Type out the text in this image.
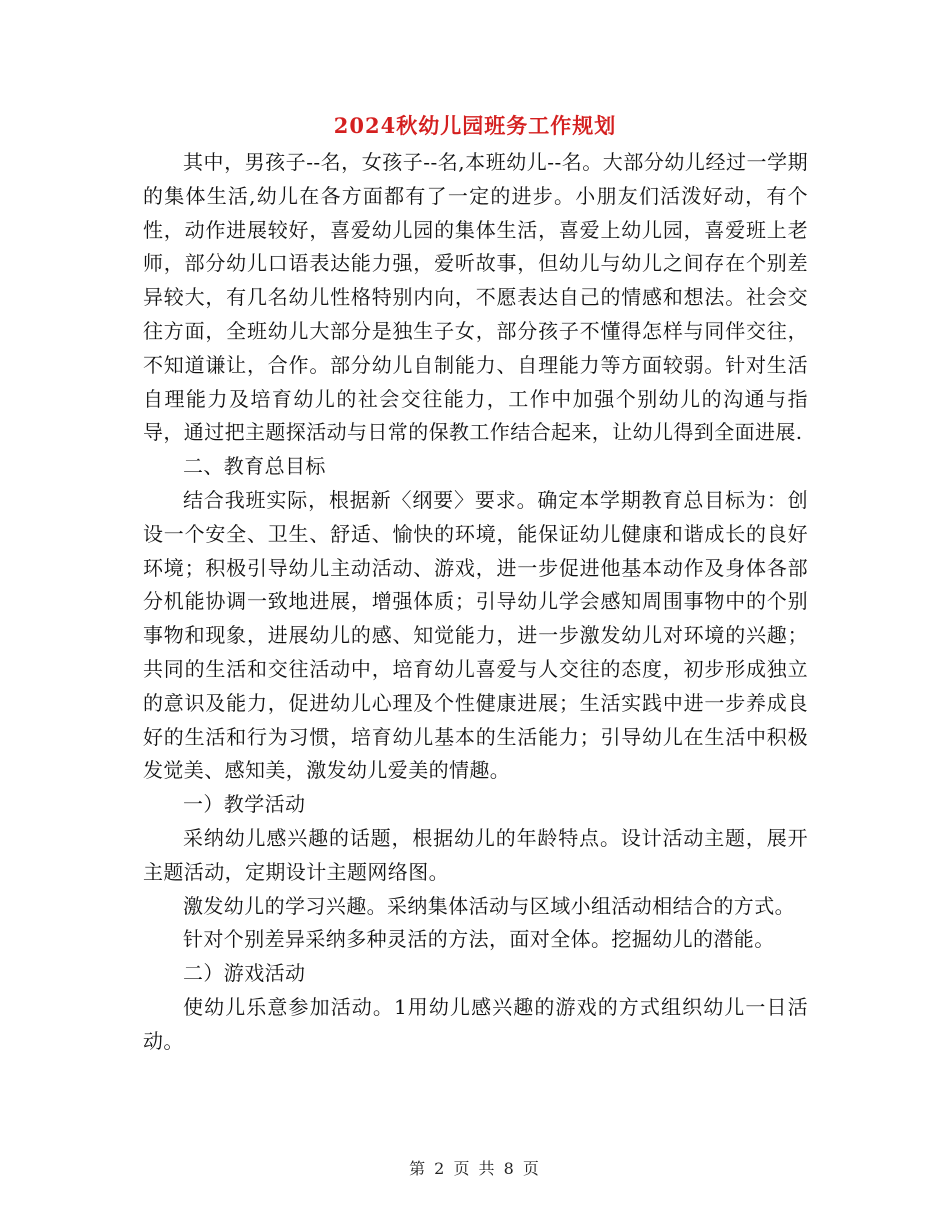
2024秋幼儿园班务工作规划

其中，男孩子--名，女孩子--名,本班幼儿--名。大部分幼儿经过一学期的集体生活,幼儿在各方面都有了一定的进步。小朋友们活泼好动，有个性，动作进展较好，喜爱幼儿园的集体生活，喜爱上幼儿园，喜爱班上老师，部分幼儿口语表达能力强，爱听故事，但幼儿与幼儿之间存在个别差异较大，有几名幼儿性格特别内向，不愿表达自己的情感和想法。社会交往方面，全班幼儿大部分是独生子女，部分孩子不懂得怎样与同伴交往，不知道谦让，合作。部分幼儿自制能力、自理能力等方面较弱。针对生活自理能力及培育幼儿的社会交往能力，工作中加强个别幼儿的沟通与指导，通过把主题探活动与日常的保教工作结合起来，让幼儿得到全面进展.

二、教育总目标

结合我班实际，根据新〈纲要〉要求。确定本学期教育总目标为：创设一个安全、卫生、舒适、愉快的环境，能保证幼儿健康和谐成长的良好环境；积极引导幼儿主动活动、游戏，进一步促进他基本动作及身体各部分机能协调一致地进展，增强体质；引导幼儿学会感知周围事物中的个别事物和现象，进展幼儿的感、知觉能力，进一步激发幼儿对环境的兴趣；共同的生活和交往活动中，培育幼儿喜爱与人交往的态度，初步形成独立的意识及能力，促进幼儿心理及个性健康进展；生活实践中进一步养成良好的生活和行为习惯，培育幼儿基本的生活能力；引导幼儿在生活中积极发觉美、感知美，激发幼儿爱美的情趣。

一）教学活动

采纳幼儿感兴趣的话题，根据幼儿的年龄特点。设计活动主题，展开主题活动，定期设计主题网络图。

激发幼儿的学习兴趣。采纳集体活动与区域小组活动相结合的方式。

针对个别差异采纳多种灵活的方法，面对全体。挖掘幼儿的潜能。

二）游戏活动

使幼儿乐意参加活动。1用幼儿感兴趣的游戏的方式组织幼儿一日活动。

第 2 页 共 8 页
